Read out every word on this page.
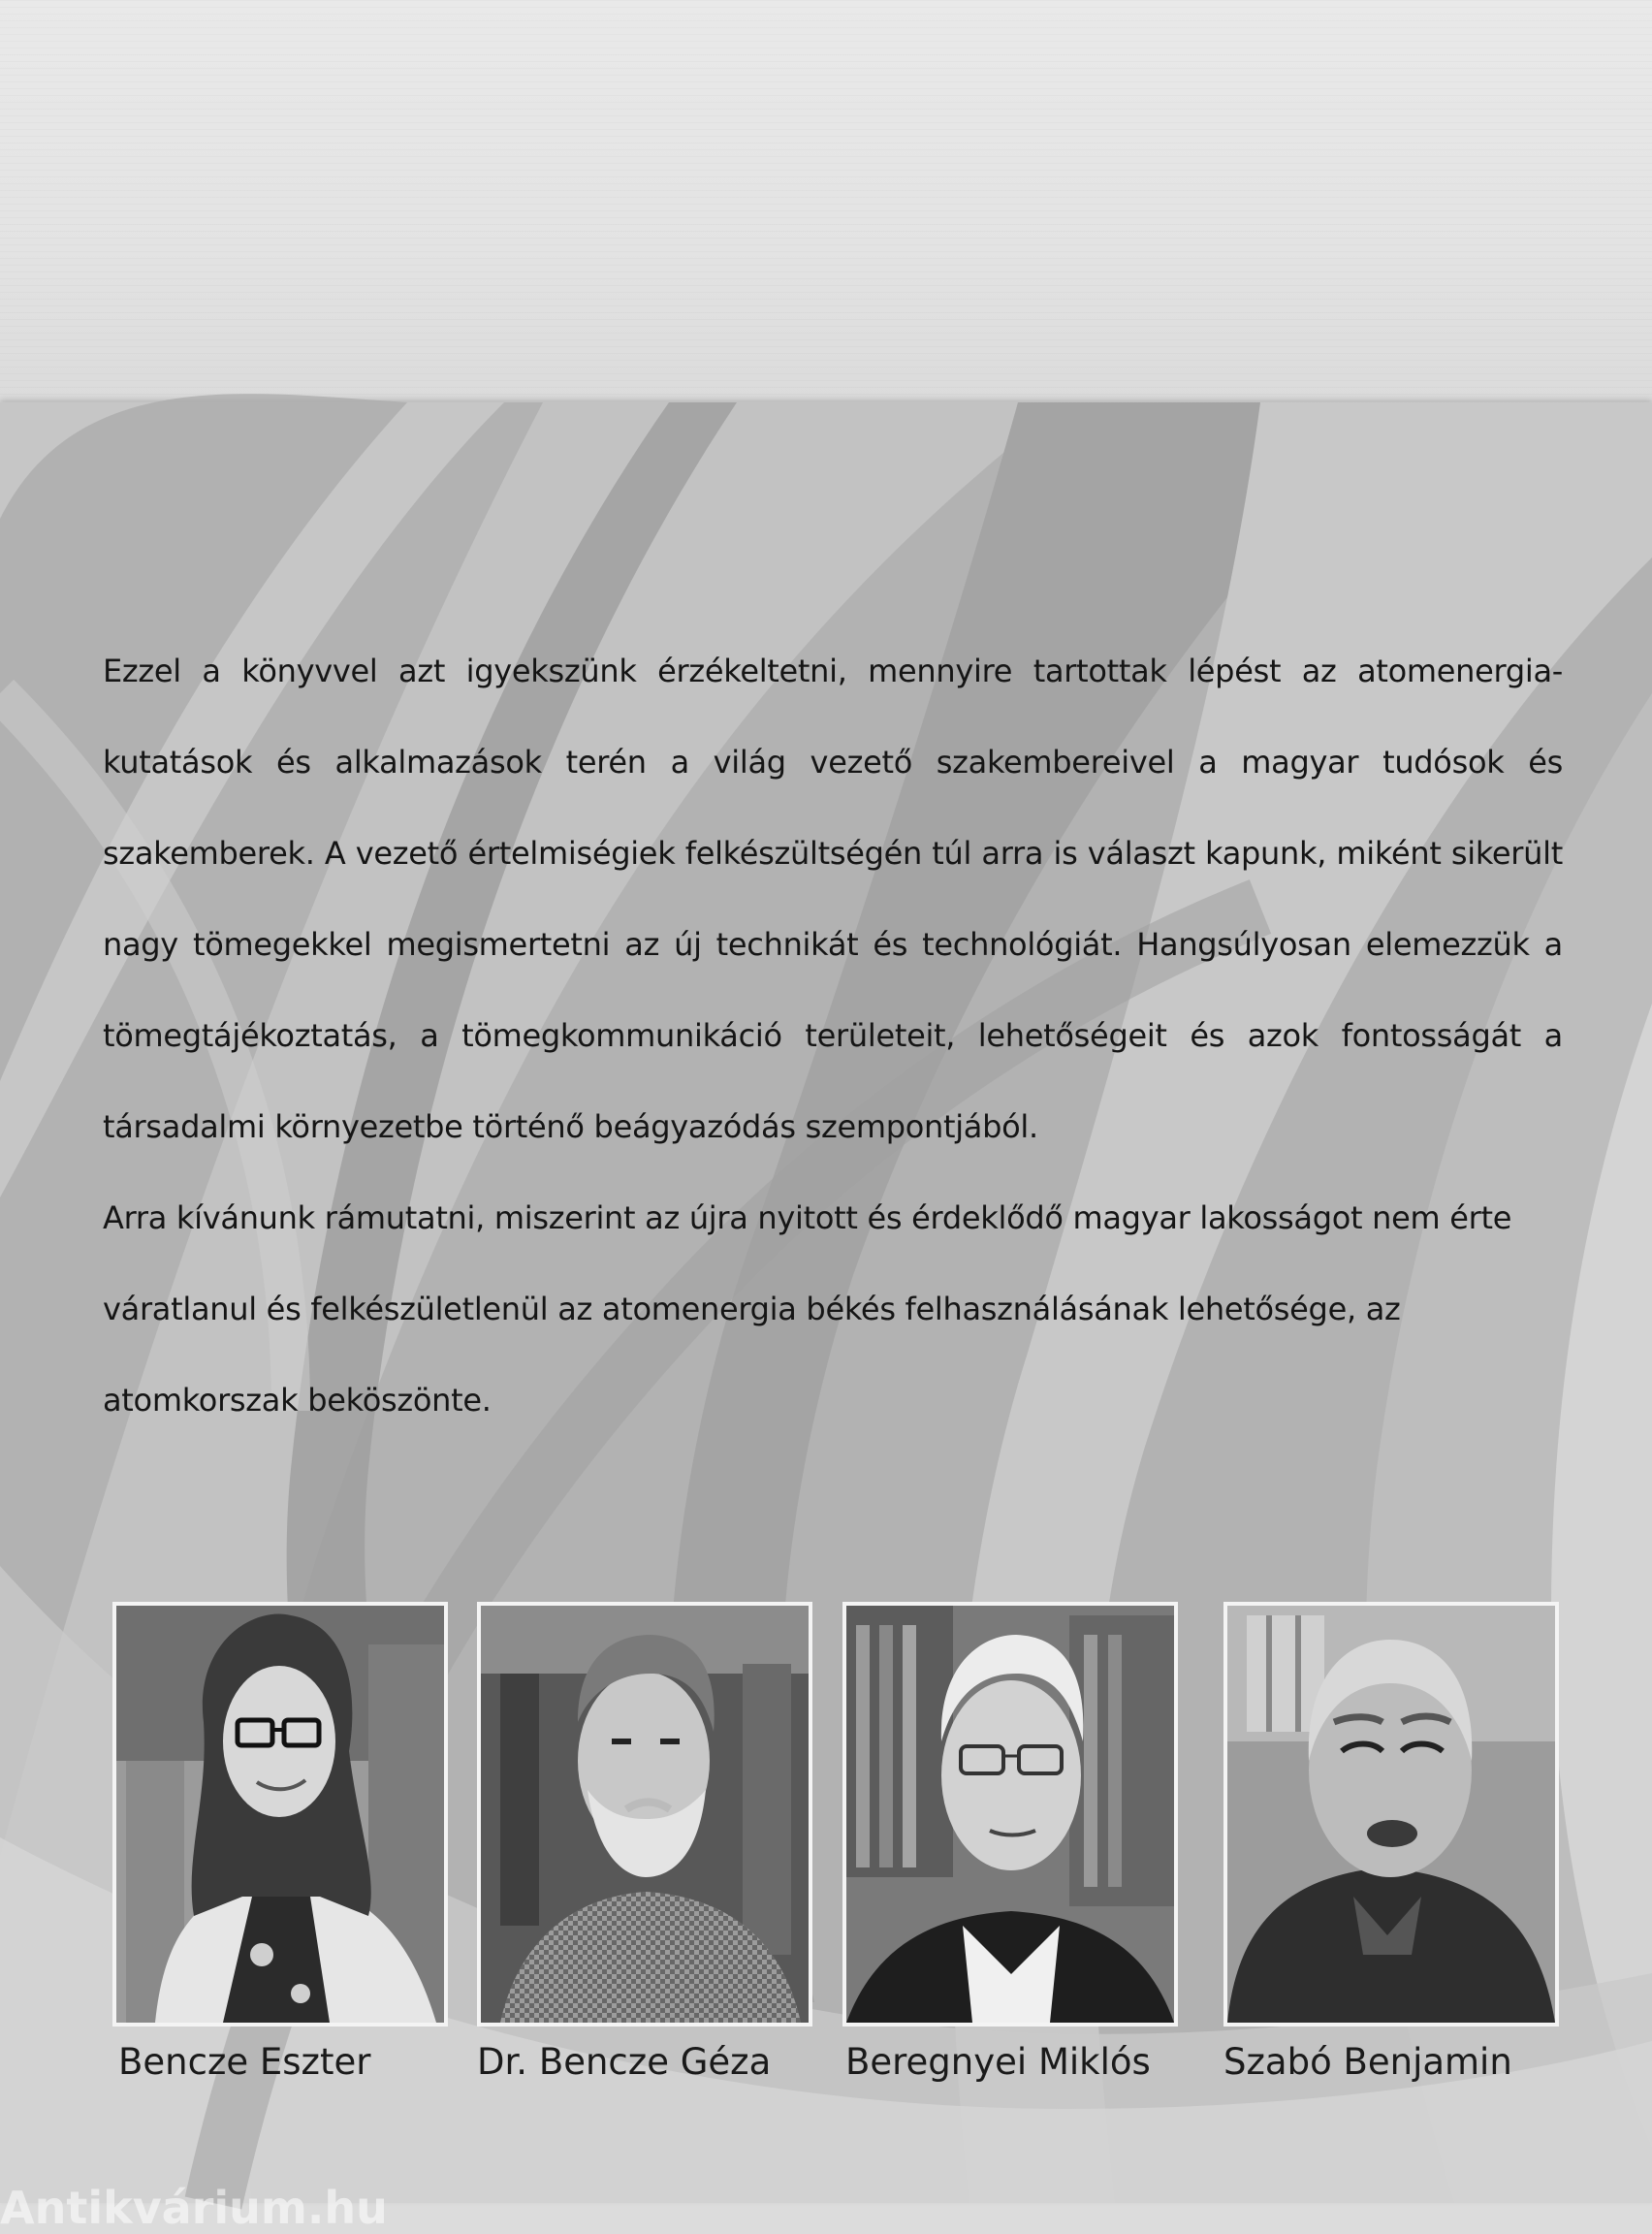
Ezzel a könyvvel azt igyekszünk érzékeltetni, mennyire tartottak lépést az atomenergia-kutatások és alkalmazások terén a világ vezető szakembereivel a magyar tudósok és szakemberek. A vezető értelmiségiek felkészültségén túl arra is választ kapunk, miként sikerült nagy tömegekkel megismertetni az új technikát és technológiát. Hangsúlyosan elemezzük a tömegtájékoztatás, a tömegkommunikáció területeit, lehetőségeit és azok fontosságát a társadalmi környezetbe történő beágyazódás szempontjából.

Arra kívánunk rámutatni, miszerint az újra nyitott és érdeklődő magyar lakosságot nem érte váratlanul és felkészületlenül az atomenergia békés felhasználásának lehetősége, az atomkorszak beköszönte.

Bencze Eszter	Dr. Bencze Géza Beregnyei Miklós Szabó Benjamin
Antikvárium.hu
